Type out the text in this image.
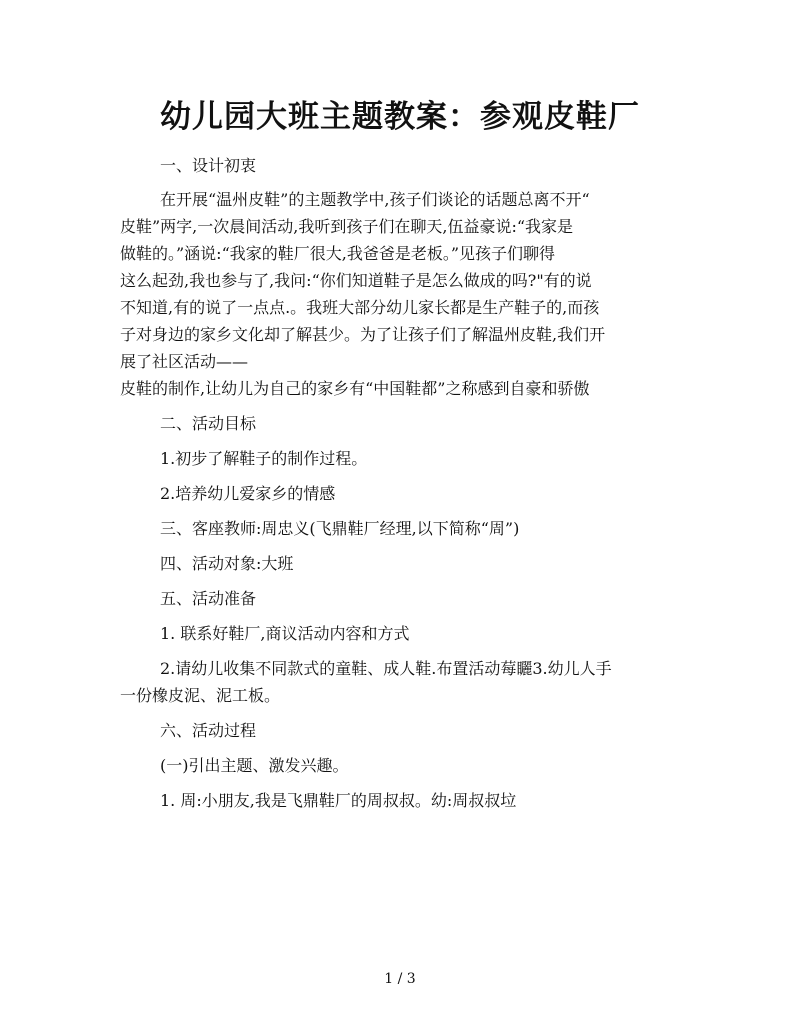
幼儿园大班主题教案：参观皮鞋厂

一、设计初衷

在开展“温州皮鞋”的主题教学中,孩子们谈论的话题总离不开“

皮鞋”两字,一次晨间活动,我听到孩子们在聊天,伍益豪说:“我家是

做鞋的。”涵说:“我家的鞋厂很大,我爸爸是老板。”见孩子们聊得

这么起劲,我也参与了,我问:“你们知道鞋子是怎么做成的吗?"有的说

不知道,有的说了一点点.。我班大部分幼儿家长都是生产鞋子的,而孩

子对身边的家乡文化却了解甚少。为了让孩子们了解温州皮鞋,我们开

展了社区活动——

皮鞋的制作,让幼儿为自己的家乡有“中国鞋都”之称感到自豪和骄傲

二、活动目标

1.初步了解鞋子的制作过程。

2.培养幼儿爱家乡的情感

三、客座教师:周忠义(飞鼎鞋厂经理,以下简称“周”)

四、活动对象:大班

五、活动准备

1. 联系好鞋厂,商议活动内容和方式

2.请幼儿收集不同款式的童鞋、成人鞋.布置活动莓矖3.幼儿人手

一份橡皮泥、泥工板。

六、活动过程

(一)引出主题、激发兴趣。

1. 周:小朋友,我是飞鼎鞋厂的周叔叔。幼:周叔叔垃

1 / 3
